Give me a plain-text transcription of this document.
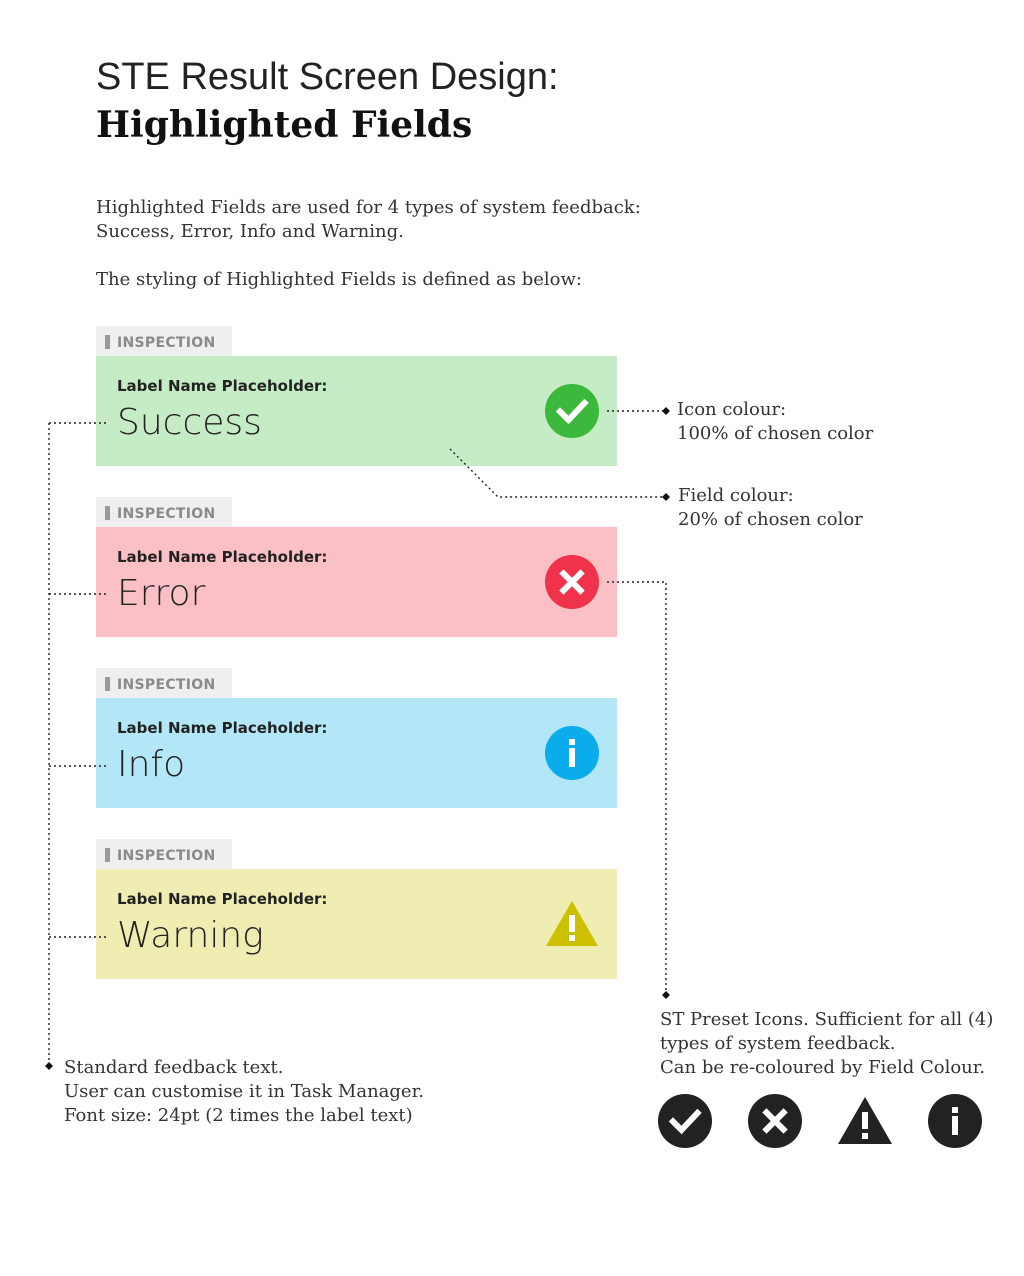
STE Result Screen Design:
Highlighted Fields
Highlighted Fields are used for 4 types of system feedback:
Success, Error, Info and Warning.
The styling of Highlighted Fields is defined as below:
INSPECTION
Label Name Placeholder:
Success
INSPECTION
Label Name Placeholder:
Error
INSPECTION
Label Name Placeholder:
Info
INSPECTION
Label Name Placeholder:
Warning
Icon colour:
100% of chosen color
Field colour:
20% of chosen color
ST Preset Icons. Sufficient for all (4)
types of system feedback.
Can be re-coloured by Field Colour.
Standard feedback text.
User can customise it in Task Manager.
Font size: 24pt (2 times the label text)
